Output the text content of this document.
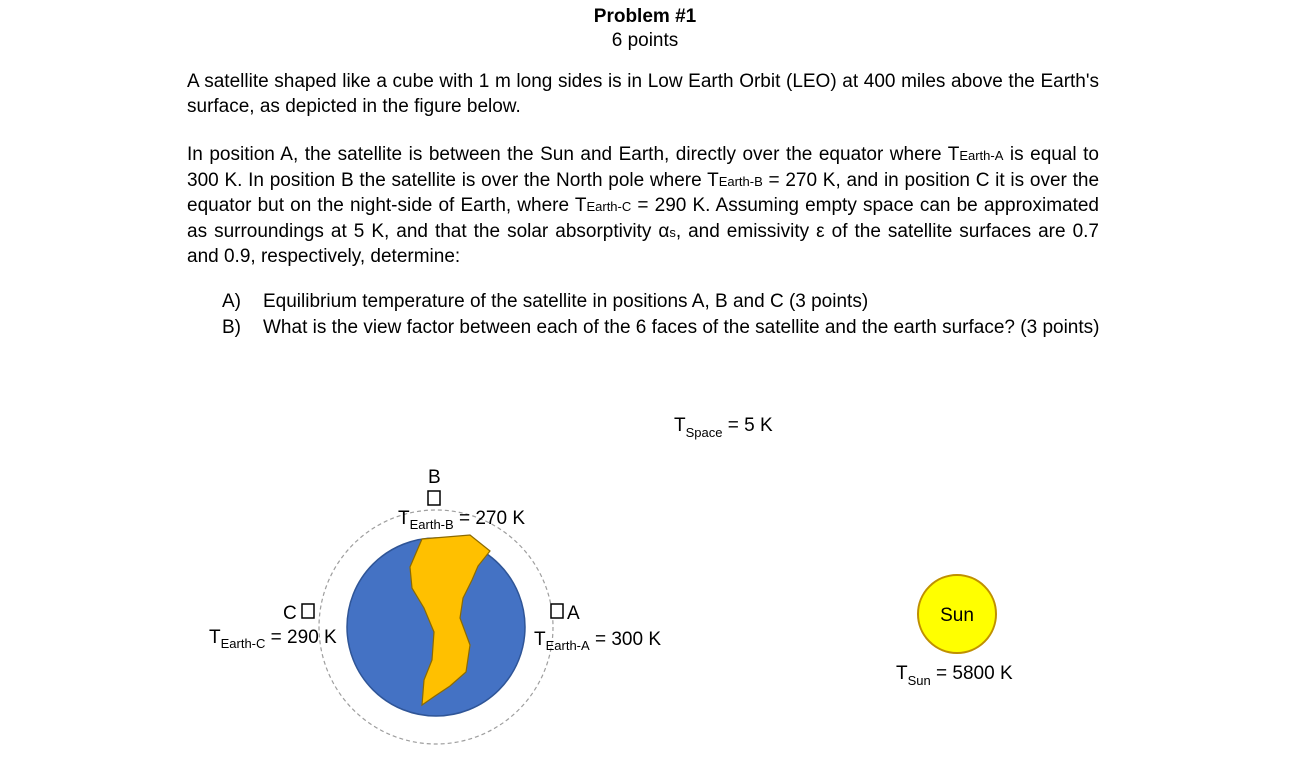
Problem #1
6 points

A satellite shaped like a cube with 1 m long sides is in Low Earth Orbit (LEO) at 400 miles above the Earth's surface, as depicted in the figure below.

In position A, the satellite is between the Sun and Earth, directly over the equator where TEarth-A is equal to 300 K. In position B the satellite is over the North pole where TEarth-B = 270 K, and in position C it is over the equator but on the night-side of Earth, where TEarth-C = 290 K. Assuming empty space can be approximated as surroundings at 5 K, and that the solar absorptivity αs, and emissivity ε of the satellite surfaces are 0.7 and 0.9, respectively, determine:

A)	Equilibrium temperature of the satellite in positions A, B and C (3 points)
B)	What is the view factor between each of the 6 faces of the satellite and the earth surface? (3 points)
$T_{Space} = 5$ K
B
$T_{Earth-B} = 270$ K
C
$T_{Earth-C} = 290$ K
A
$T_{Earth-A} = 300$ K
Sun
$T_{Sun} = 5800$ K
